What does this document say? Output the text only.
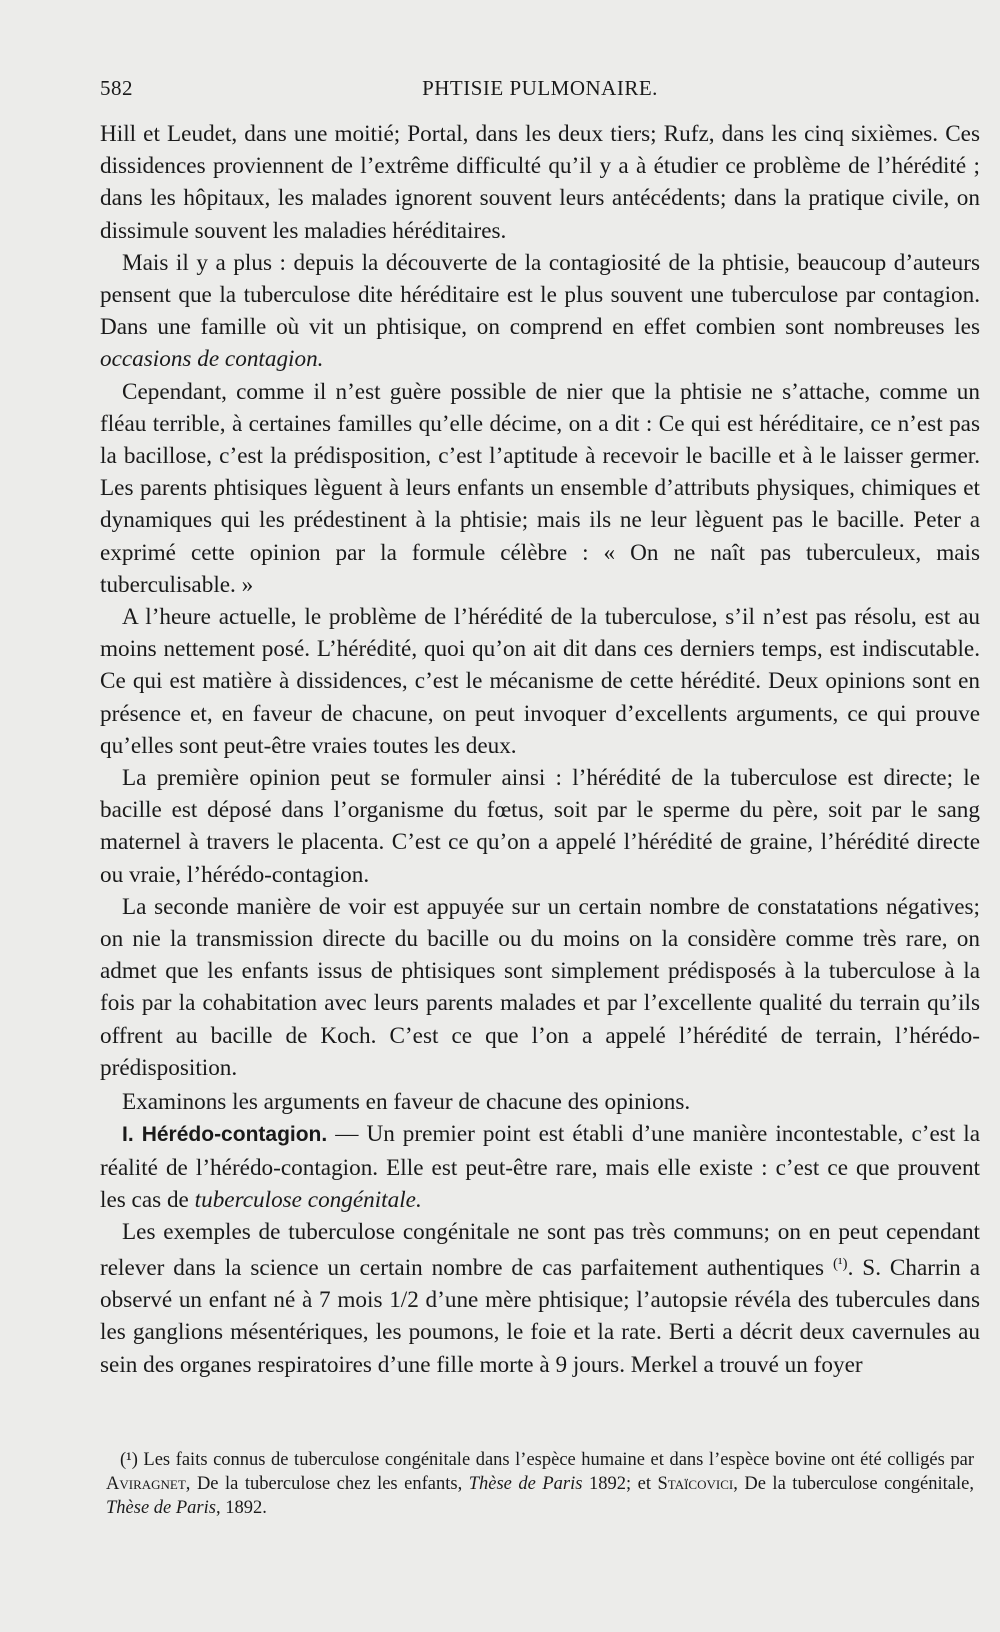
582	PHTISIE PULMONAIRE.

Hill et Leudet, dans une moitié; Portal, dans les deux tiers; Rufz, dans les cinq sixièmes. Ces dissidences proviennent de l’extrême difficulté qu’il y a à étudier ce problème de l’hérédité ; dans les hôpitaux, les malades ignorent souvent leurs antécédents; dans la pratique civile, on dissimule souvent les maladies héréditaires.

Mais il y a plus : depuis la découverte de la contagiosité de la phtisie, beaucoup d’auteurs pensent que la tuberculose dite héréditaire est le plus souvent une tuberculose par contagion. Dans une famille où vit un phtisique, on comprend en effet combien sont nombreuses les occasions de contagion.

Cependant, comme il n’est guère possible de nier que la phtisie ne s’attache, comme un fléau terrible, à certaines familles qu’elle décime, on a dit : Ce qui est héréditaire, ce n’est pas la bacillose, c’est la prédisposition, c’est l’aptitude à recevoir le bacille et à le laisser germer. Les parents phtisiques lèguent à leurs enfants un ensemble d’attributs physiques, chimiques et dynamiques qui les prédestinent à la phtisie; mais ils ne leur lèguent pas le bacille. Peter a exprimé cette opinion par la formule célèbre : « On ne naît pas tuberculeux, mais tuberculisable. »

A l’heure actuelle, le problème de l’hérédité de la tuberculose, s’il n’est pas résolu, est au moins nettement posé. L’hérédité, quoi qu’on ait dit dans ces derniers temps, est indiscutable. Ce qui est matière à dissidences, c’est le mécanisme de cette hérédité. Deux opinions sont en présence et, en faveur de chacune, on peut invoquer d’excellents arguments, ce qui prouve qu’elles sont peut-être vraies toutes les deux.

La première opinion peut se formuler ainsi : l’hérédité de la tuberculose est directe; le bacille est déposé dans l’organisme du fœtus, soit par le sperme du père, soit par le sang maternel à travers le placenta. C’est ce qu’on a appelé l’hérédité de graine, l’hérédité directe ou vraie, l’hérédo-contagion.

La seconde manière de voir est appuyée sur un certain nombre de constatations négatives; on nie la transmission directe du bacille ou du moins on la considère comme très rare, on admet que les enfants issus de phtisiques sont simplement prédisposés à la tuberculose à la fois par la cohabitation avec leurs parents malades et par l’excellente qualité du terrain qu’ils offrent au bacille de Koch. C’est ce que l’on a appelé l’hérédité de terrain, l’hérédo-prédisposition.

Examinons les arguments en faveur de chacune des opinions.

I. Hérédo-contagion. — Un premier point est établi d’une manière incontestable, c’est la réalité de l’hérédo-contagion. Elle est peut-être rare, mais elle existe : c’est ce que prouvent les cas de tuberculose congénitale.

Les exemples de tuberculose congénitale ne sont pas très communs; on en peut cependant relever dans la science un certain nombre de cas parfaitement authentiques $^{(^1)}$. S. Charrin a observé un enfant né à 7 mois 1/2 d’une mère phtisique; l’autopsie révéla des tubercules dans les ganglions mésentériques, les poumons, le foie et la rate. Berti a décrit deux cavernules au sein des organes respiratoires d’une fille morte à 9 jours. Merkel a trouvé un foyer

(¹) Les faits connus de tuberculose congénitale dans l’espèce humaine et dans l’espèce bovine ont été colligés par Aviragnet, De la tuberculose chez les enfants, Thèse de Paris 1892; et Staïcovici, De la tuberculose congénitale, Thèse de Paris, 1892.
